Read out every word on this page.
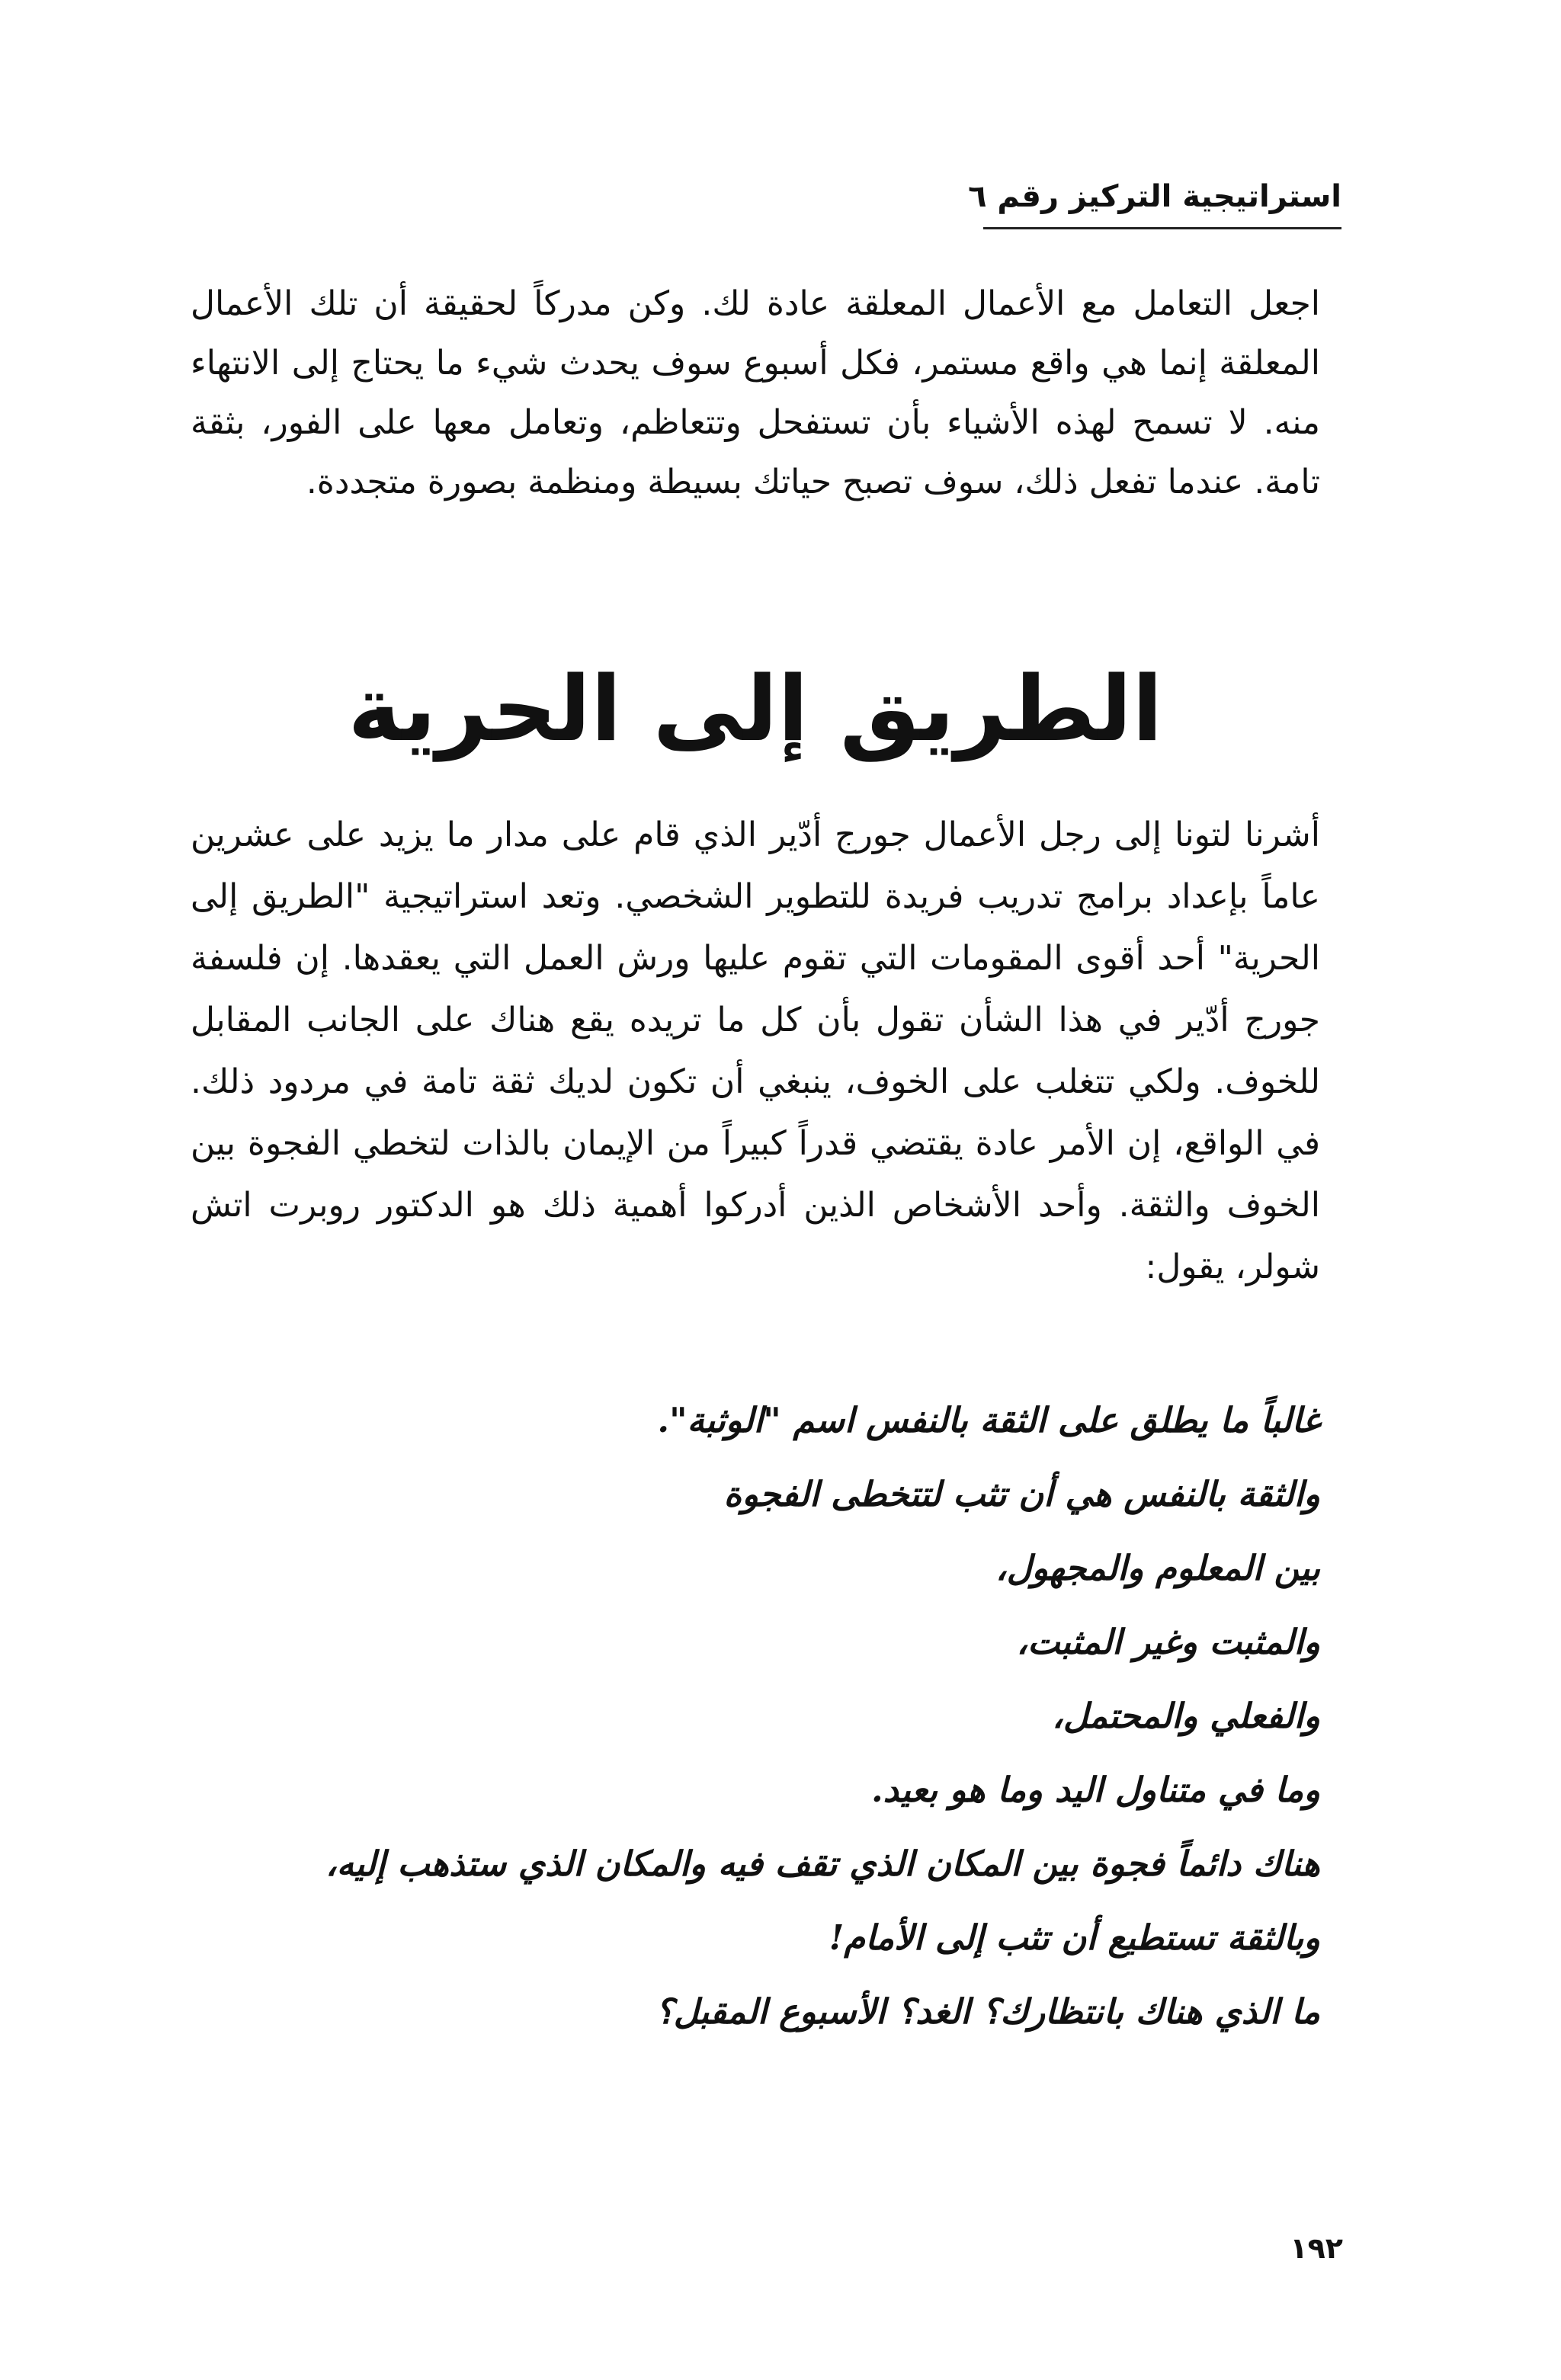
استراتيجية التركيز رقم ٦

اجعل التعامل مع الأعمال المعلقة عادة لك. وكن مدركاً لحقيقة أن تلك الأعمال المعلقة إنما هي واقع مستمر، فكل أسبوع سوف يحدث شيء ما يحتاج إلى الانتهاء منه. لا تسمح لهذه الأشياء بأن تستفحل وتتعاظم، وتعامل معها على الفور، بثقة تامة. عندما تفعل ذلك، سوف تصبح حياتك بسيطة ومنظمة بصورة متجددة.

الطريق إلى الحرية

أشرنا لتونا إلى رجل الأعمال جورج أدّير الذي قام على مدار ما يزيد على عشرين عاماً بإعداد برامج تدريب فريدة للتطوير الشخصي. وتعد استراتيجية "الطريق إلى الحرية" أحد أقوى المقومات التي تقوم عليها ورش العمل التي يعقدها. إن فلسفة جورج أدّير في هذا الشأن تقول بأن كل ما تريده يقع هناك على الجانب المقابل للخوف. ولكي تتغلب على الخوف، ينبغي أن تكون لديك ثقة تامة في مردود ذلك. في الواقع، إن الأمر عادة يقتضي قدراً كبيراً من الإيمان بالذات لتخطي الفجوة بين الخوف والثقة. وأحد الأشخاص الذين أدركوا أهمية ذلك هو الدكتور روبرت اتش شولر، يقول:

غالباً ما يطلق على الثقة بالنفس اسم "الوثبة".
والثقة بالنفس هي أن تثب لتتخطى الفجوة
بين المعلوم والمجهول،
والمثبت وغير المثبت،
والفعلي والمحتمل،
وما في متناول اليد وما هو بعيد.
هناك دائماً فجوة بين المكان الذي تقف فيه والمكان الذي ستذهب إليه،
وبالثقة تستطيع أن تثب إلى الأمام!
ما الذي هناك بانتظارك؟ الغد؟ الأسبوع المقبل؟
١٩٢
